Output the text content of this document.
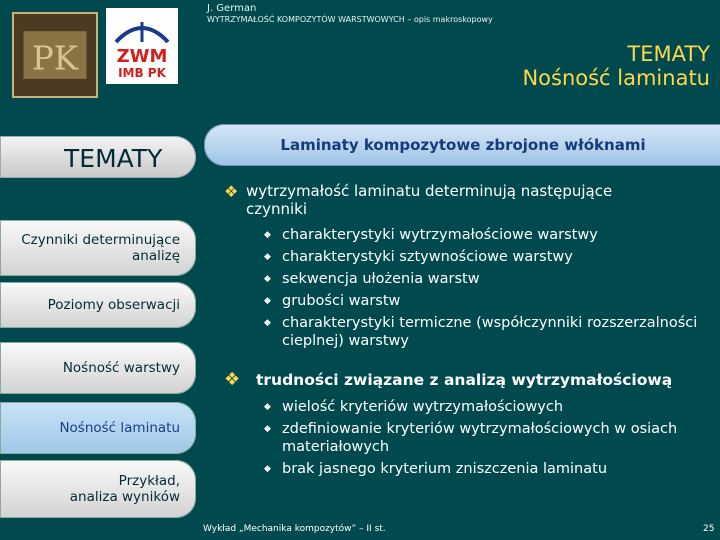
PK ZWM
IMB PK
J. German
WYTRZYMAŁOŚĆ KOMPOZYTÓW WARSTWOWYCH – opis makroskopowy
TEMATY
Nośność laminatu
TEMATY
Czynniki determinujące
analizę
Poziomy obserwacji
Nośność warstwy
Nośność laminatu
Przykład,
analiza wyników
Laminaty kompozytowe zbrojone włóknami
❖ wytrzymałość laminatu determinują następujące
czynniki
◆ charakterystyki wytrzymałościowe warstwy
◆ charakterystyki sztywnościowe warstwy
◆ sekwencja ułożenia warstw
◆ grubości warstw
◆ charakterystyki termiczne (współczynniki rozszerzalności
cieplnej) warstwy
❖ trudności związane z analizą wytrzymałościową
◆ wielość kryteriów wytrzymałościowych
◆ zdefiniowanie kryteriów wytrzymałościowych w osiach
materiałowych
◆ brak jasnego kryterium zniszczenia laminatu
Wykład „Mechanika kompozytów” – II st.	25
